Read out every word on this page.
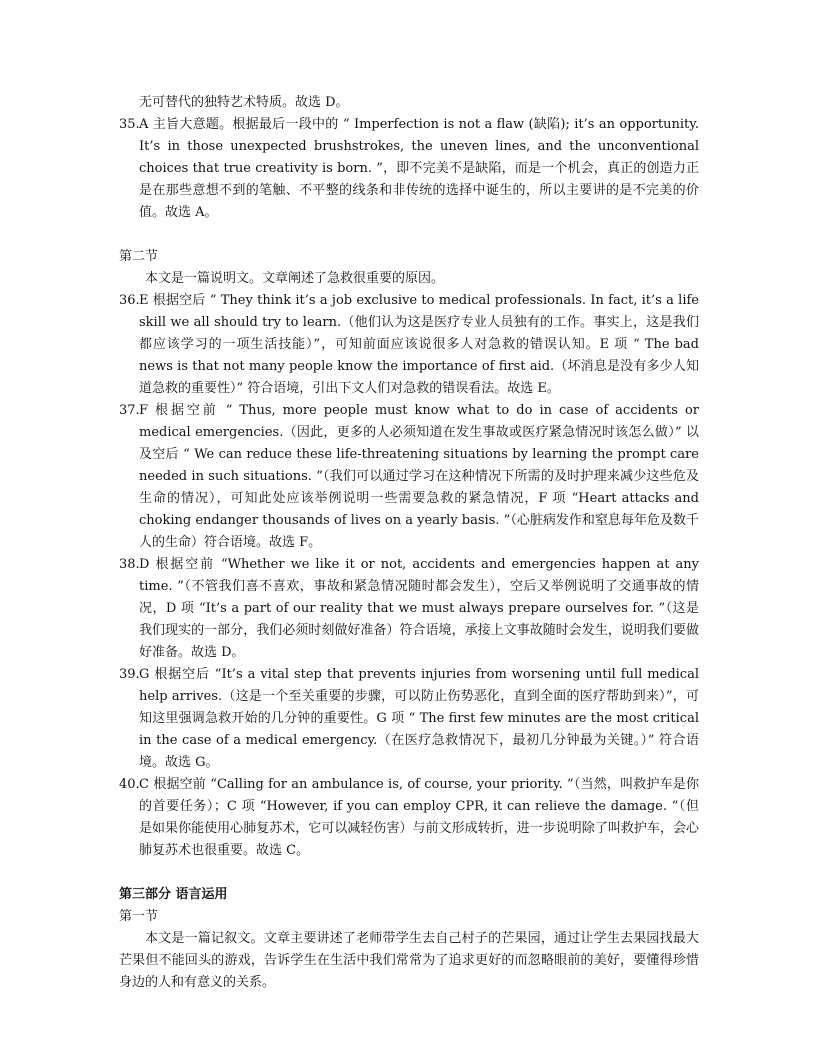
无可替代的独特艺术特质。故选 D。

35. A 主旨大意题。根据最后一段中的 “ Imperfection is not a flaw (缺陷); it’s an opportunity. It’s in those unexpected brushstrokes, the uneven lines, and the unconventional choices that true creativity is born. ”，即不完美不是缺陷，而是一个机会，真正的创造力正是在那些意想不到的笔触、不平整的线条和非传统的选择中诞生的，所以主要讲的是不完美的价值。故选 A。

第二节

本文是一篇说明文。文章阐述了急救很重要的原因。

36. E 根据空后 “ They think it’s a job exclusive to medical professionals. In fact, it’s a life skill we all should try to learn.（他们认为这是医疗专业人员独有的工作。事实上，这是我们都应该学习的一项生活技能）”，可知前面应该说很多人对急救的错误认知。E 项 “ The bad news is that not many people know the importance of first aid.（坏消息是没有多少人知道急救的重要性）” 符合语境，引出下文人们对急救的错误看法。故选 E。
37. F 根据空前 “ Thus, more people must know what to do in case of accidents or medical emergencies.（因此，更多的人必须知道在发生事故或医疗紧急情况时该怎么做）” 以及空后 “ We can reduce these life-threatening situations by learning the prompt care needed in such situations. ”（我们可以通过学习在这种情况下所需的及时护理来减少这些危及生命的情况），可知此处应该举例说明一些需要急救的紧急情况，F 项 “Heart attacks and choking endanger thousands of lives on a yearly basis. ”（心脏病发作和窒息每年危及数千人的生命）符合语境。故选 F。
38. D 根据空前 “Whether we like it or not, accidents and emergencies happen at any time. ”（不管我们喜不喜欢，事故和紧急情况随时都会发生），空后又举例说明了交通事故的情况，D 项 “It’s a part of our reality that we must always prepare ourselves for. ”（这是我们现实的一部分，我们必须时刻做好准备）符合语境，承接上文事故随时会发生，说明我们要做好准备。故选 D。
39. G 根据空后 “It’s a vital step that prevents injuries from worsening until full medical help arrives.（这是一个至关重要的步骤，可以防止伤势恶化，直到全面的医疗帮助到来）”，可知这里强调急救开始的几分钟的重要性。G 项 “ The first few minutes are the most critical in the case of a medical emergency.（在医疗急救情况下，最初几分钟最为关键。）” 符合语境。故选 G。
40. C 根据空前 “Calling for an ambulance is, of course, your priority. ”（当然，叫救护车是你的首要任务）；C 项 “However, if you can employ CPR, it can relieve the damage. ”（但是如果你能使用心肺复苏术，它可以减轻伤害）与前文形成转折，进一步说明除了叫救护车，会心肺复苏术也很重要。故选 C。

第三部分 语言运用

第一节

本文是一篇记叙文。文章主要讲述了老师带学生去自己村子的芒果园，通过让学生去果园找最大芒果但不能回头的游戏，告诉学生在生活中我们常常为了追求更好的而忽略眼前的美好，要懂得珍惜身边的人和有意义的关系。
